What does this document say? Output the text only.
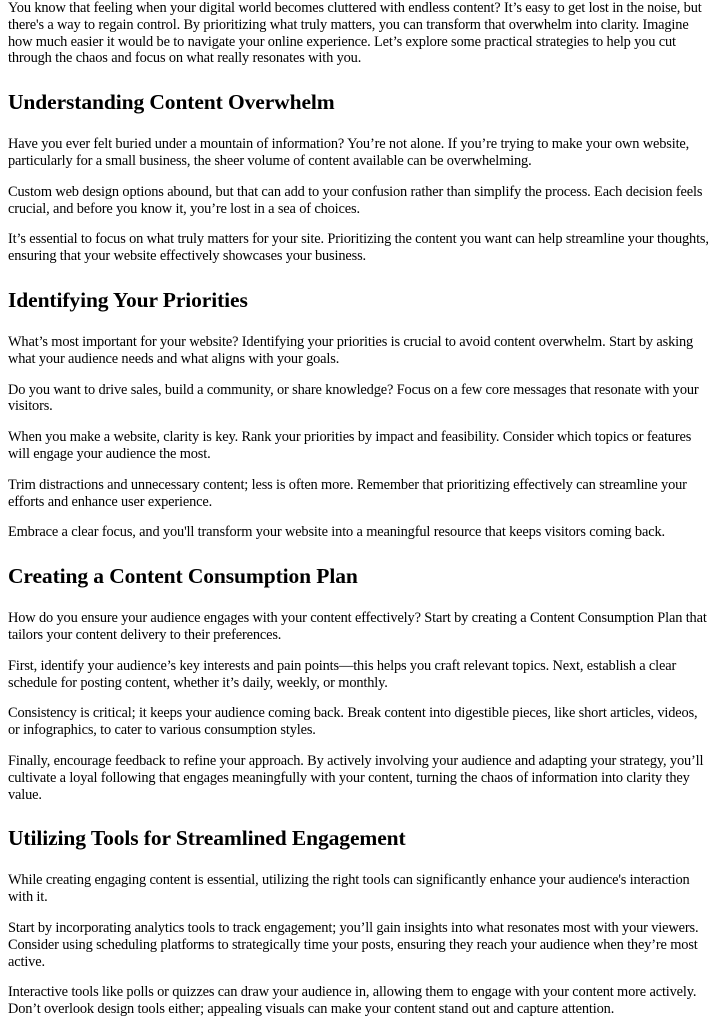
You know that feeling when your digital world becomes cluttered with endless content? It’s easy to get lost in the noise, but there's a way to regain control. By prioritizing what truly matters, you can transform that overwhelm into clarity. Imagine how much easier it would be to navigate your online experience. Let’s explore some practical strategies to help you cut through the chaos and focus on what really resonates with you.

Understanding Content Overwhelm

Have you ever felt buried under a mountain of information? You’re not alone. If you’re trying to make your own website, particularly for a small business, the sheer volume of content available can be overwhelming.

Custom web design options abound, but that can add to your confusion rather than simplify the process. Each decision feels crucial, and before you know it, you’re lost in a sea of choices.

It’s essential to focus on what truly matters for your site. Prioritizing the content you want can help streamline your thoughts, ensuring that your website effectively showcases your business.

Identifying Your Priorities

What’s most important for your website? Identifying your priorities is crucial to avoid content overwhelm. Start by asking what your audience needs and what aligns with your goals.

Do you want to drive sales, build a community, or share knowledge? Focus on a few core messages that resonate with your visitors.

When you make a website, clarity is key. Rank your priorities by impact and feasibility. Consider which topics or features will engage your audience the most.

Trim distractions and unnecessary content; less is often more. Remember that prioritizing effectively can streamline your efforts and enhance user experience.

Embrace a clear focus, and you'll transform your website into a meaningful resource that keeps visitors coming back.

Creating a Content Consumption Plan

How do you ensure your audience engages with your content effectively? Start by creating a Content Consumption Plan that tailors your content delivery to their preferences.

First, identify your audience’s key interests and pain points—this helps you craft relevant topics. Next, establish a clear schedule for posting content, whether it’s daily, weekly, or monthly.

Consistency is critical; it keeps your audience coming back. Break content into digestible pieces, like short articles, videos, or infographics, to cater to various consumption styles.

Finally, encourage feedback to refine your approach. By actively involving your audience and adapting your strategy, you’ll cultivate a loyal following that engages meaningfully with your content, turning the chaos of information into clarity they value.

Utilizing Tools for Streamlined Engagement

While creating engaging content is essential, utilizing the right tools can significantly enhance your audience's interaction with it.

Start by incorporating analytics tools to track engagement; you’ll gain insights into what resonates most with your viewers. Consider using scheduling platforms to strategically time your posts, ensuring they reach your audience when they’re most active.

Interactive tools like polls or quizzes can draw your audience in, allowing them to engage with your content more actively. Don’t overlook design tools either; appealing visuals can make your content stand out and capture attention.
